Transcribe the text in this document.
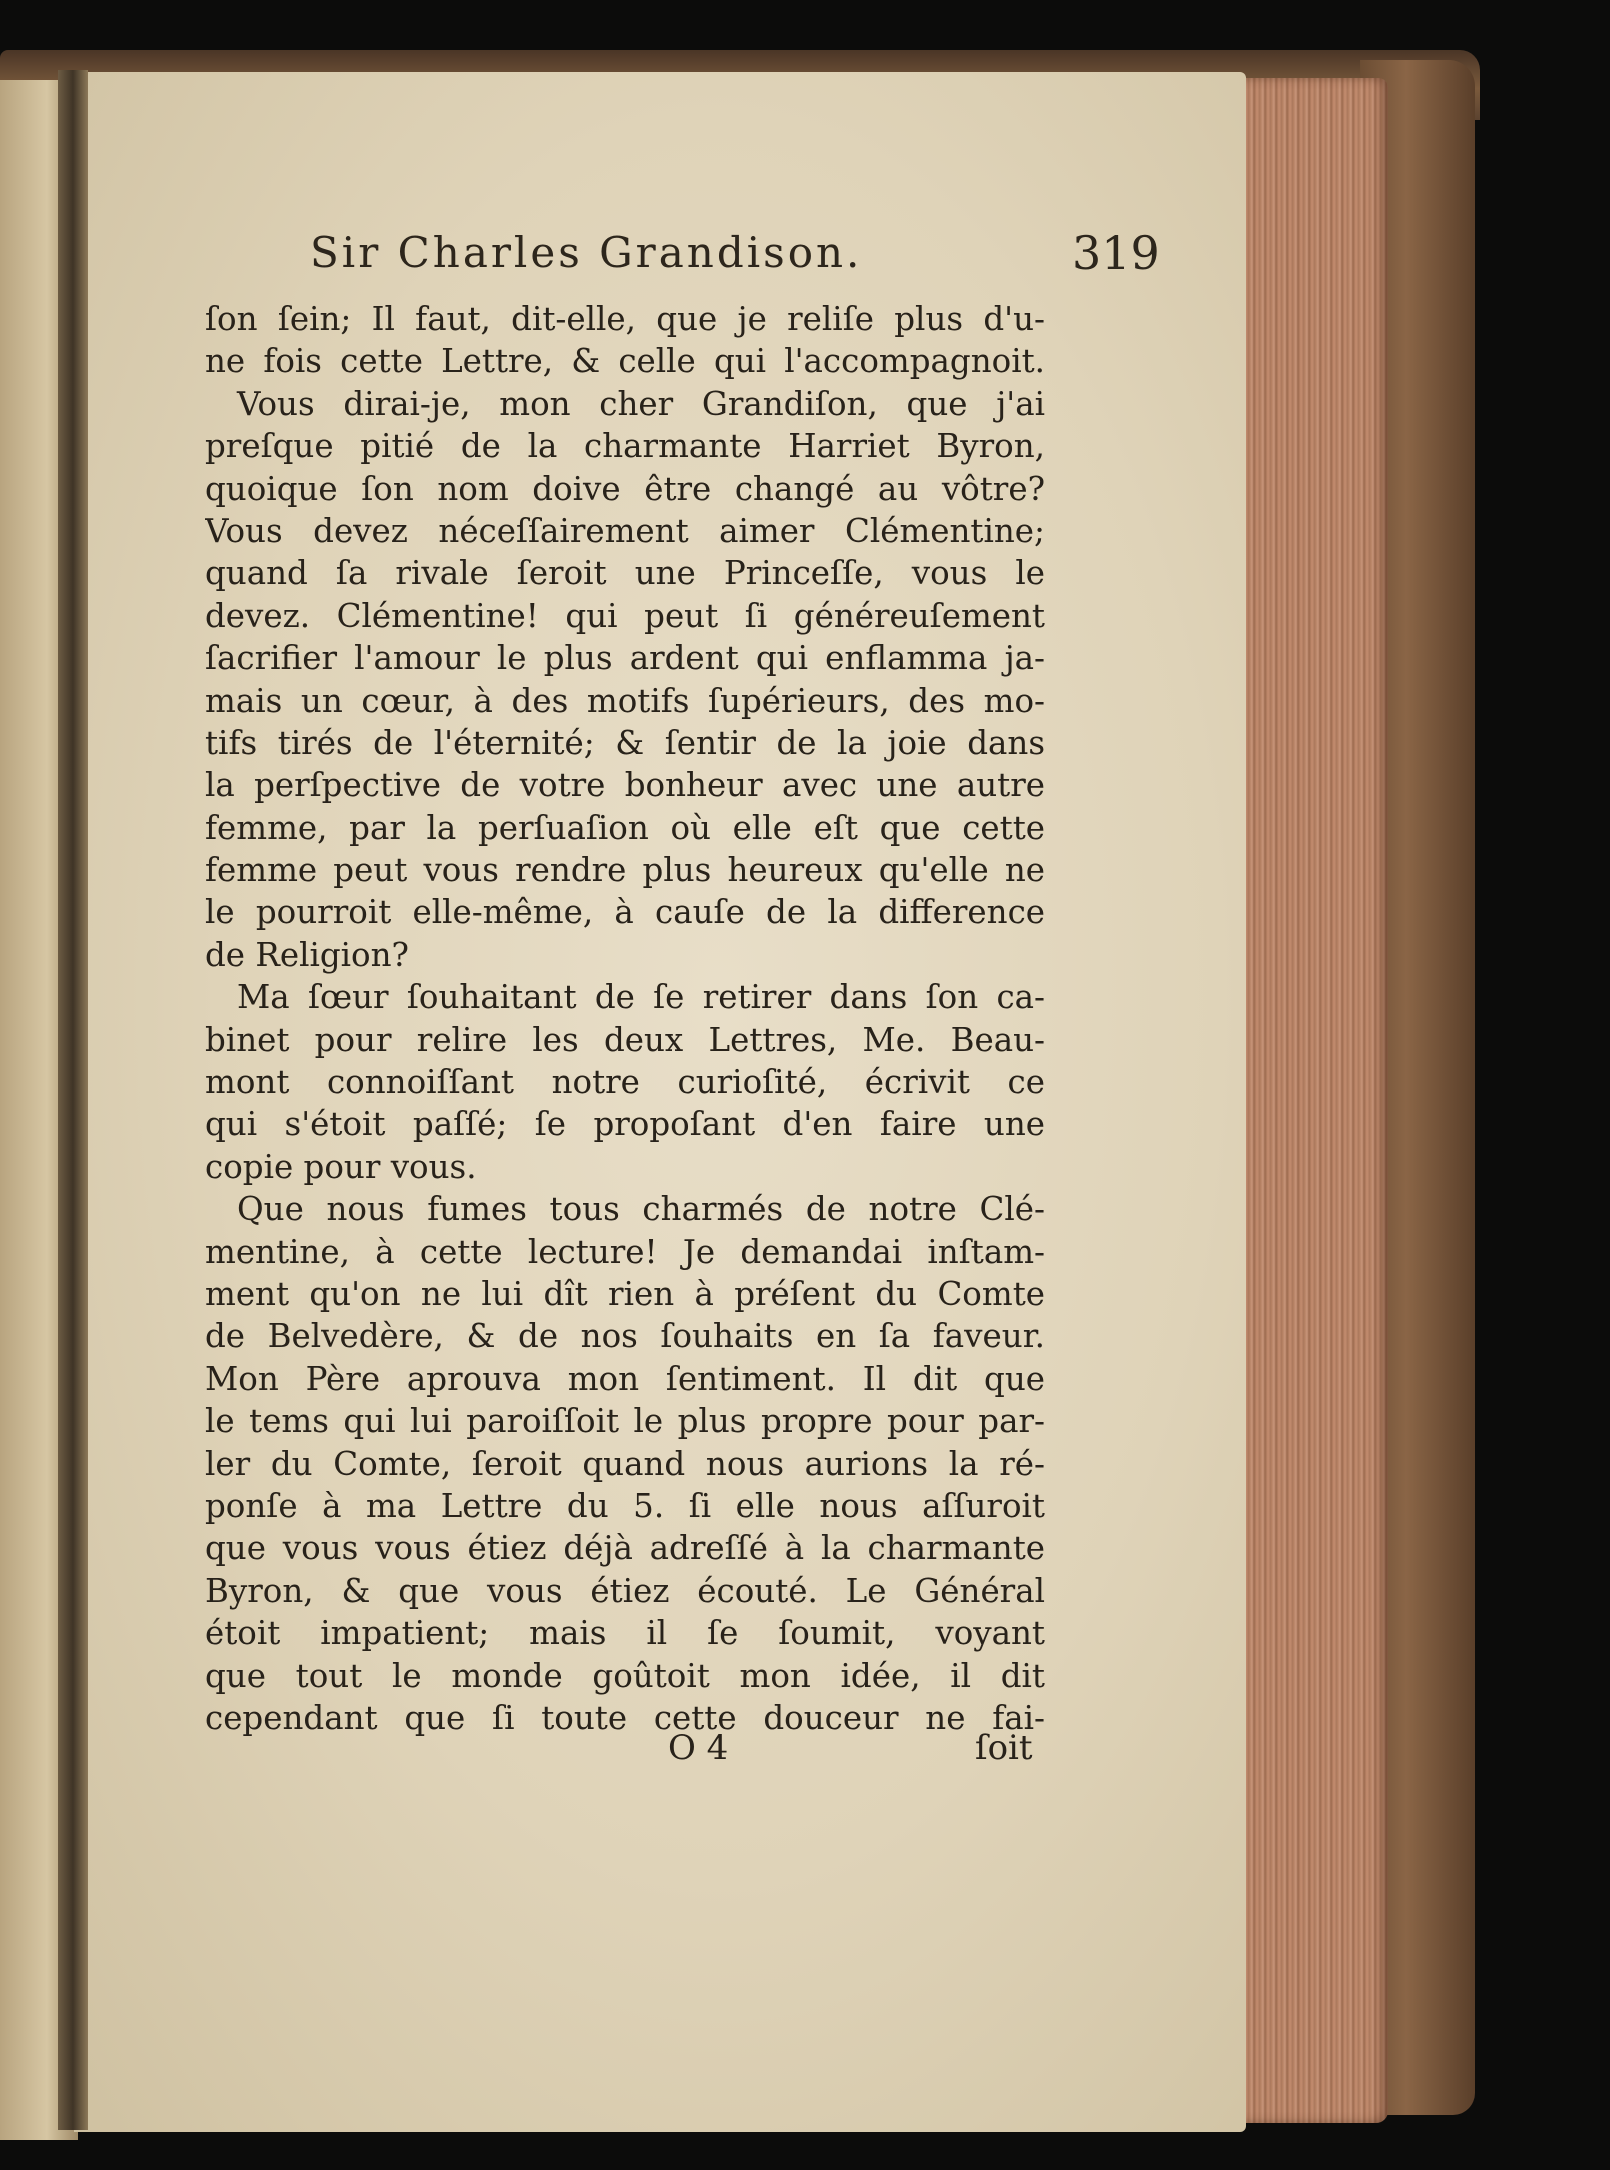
Sir Charles Grandison.	319
ſon ſein; Il faut, dit-elle, que je reliſe plus d'u-
ne fois cette Lettre, & celle qui l'accompagnoit.
Vous dirai-je, mon cher Grandiſon, que j'ai
preſque pitié de la charmante Harriet Byron,
quoique ſon nom doive être changé au vôtre?
Vous devez néceſſairement aimer Clémentine;
quand ſa rivale ſeroit une Princeſſe, vous le
devez. Clémentine! qui peut ſi généreuſement
ſacrifier l'amour le plus ardent qui enflamma ja-
mais un cœur, à des motifs ſupérieurs, des mo-
tifs tirés de l'éternité; & ſentir de la joie dans
la perſpective de votre bonheur avec une autre
femme, par la perſuaſion où elle eſt que cette
femme peut vous rendre plus heureux qu'elle ne
le pourroit elle-même, à cauſe de la difference
de Religion?
Ma ſœur ſouhaitant de ſe retirer dans ſon ca-
binet pour relire les deux Lettres, Me. Beau-
mont connoiſſant notre curioſité, écrivit ce
qui s'étoit paſſé; ſe propoſant d'en faire une
copie pour vous.
Que nous fumes tous charmés de notre Clé-
mentine, à cette lecture! Je demandai inſtam-
ment qu'on ne lui dît rien à préſent du Comte
de Belvedère, & de nos ſouhaits en ſa faveur.
Mon Père aprouva mon ſentiment. Il dit que
le tems qui lui paroiſſoit le plus propre pour par-
ler du Comte, ſeroit quand nous aurions la ré-
ponſe à ma Lettre du 5. ſi elle nous aſſuroit
que vous vous étiez déjà adreſſé à la charmante
Byron, & que vous étiez écouté. Le Général
étoit impatient; mais il ſe ſoumit, voyant
que tout le monde goûtoit mon idée, il dit
cependant que ſi toute cette douceur ne fai-
O 4	ſoit
